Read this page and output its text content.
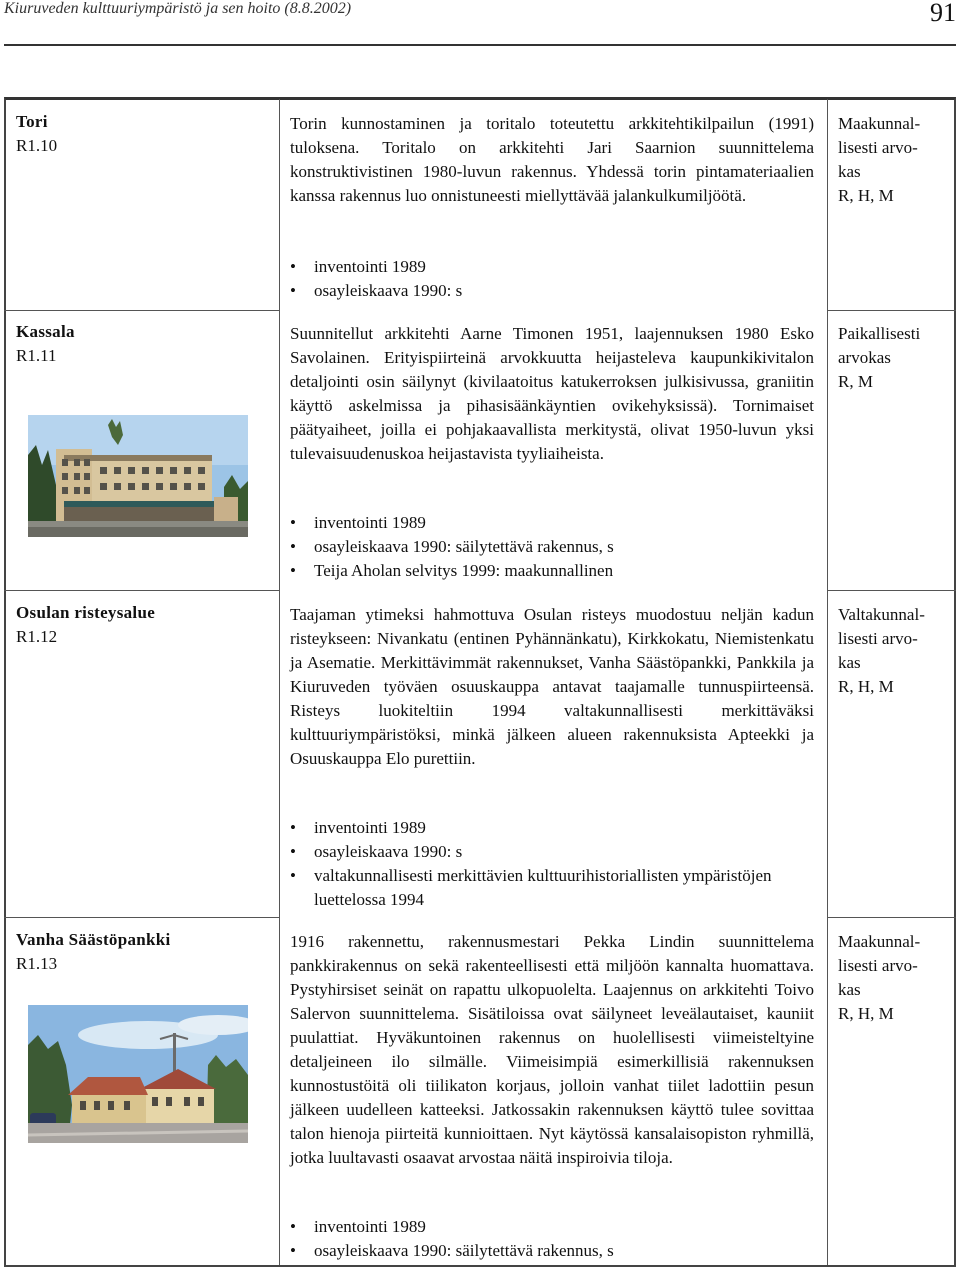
Kiuruveden kulttuuriympäristö ja sen hoito (8.8.2002)	91
Tori
R1.10
Torin kunnostaminen ja toritalo toteutettu arkkitehtikilpailun (1991) tuloksena. Toritalo on arkkitehti Jari Saarnion suunnittelema konstruktivistinen 1980-luvun rakennus. Yhdessä torin pintamateriaalien kanssa rakennus luo onnistuneesti miellyttävää jalankulkumiljöötä.
• inventointi 1989
• osayleiskaava 1990: s
Maakunnal-
lisesti arvo-
kas
R, H, M
Kassala
R1.11
Suunnitellut arkkitehti Aarne Timonen 1951, laajennuksen 1980 Esko Savolainen. Erityispiirteinä arvokkuutta heijasteleva kaupunkikivitalon detaljointi osin säilynyt (kivilaatoitus katukerroksen julkisivussa, graniitin käyttö askelmissa ja pihasisäänkäyntien ovikehyksissä). Tornimaiset päätyaiheet, joilla ei pohjakaavallista merkitystä, olivat 1950-luvun yksi tulevaisuudenuskoa heijastavista tyyliaiheista.
• inventointi 1989
• osayleiskaava 1990: säilytettävä rakennus, s
• Teija Aholan selvitys 1999: maakunnallinen
Paikallisesti
arvokas
R, M
Osulan risteysalue
R1.12
Taajaman ytimeksi hahmottuva Osulan risteys muodostuu neljän kadun risteykseen: Nivankatu (entinen Pyhännänkatu), Kirkkokatu, Niemistenkatu ja Asematie. Merkittävimmät rakennukset, Vanha Säästöpankki, Pankkila ja Kiuruveden työväen osuuskauppa antavat taajamalle tunnuspiirteensä. Risteys luokiteltiin 1994 valtakunnallisesti merkittäväksi kulttuuriympäristöksi, minkä jälkeen alueen rakennuksista Apteekki ja Osuuskauppa Elo purettiin.
• inventointi 1989
• osayleiskaava 1990: s
• valtakunnallisesti merkittävien kulttuurihistoriallisten ympäristöjen luettelossa 1994
Valtakunnal-
lisesti arvo-
kas
R, H, M
Vanha Säästöpankki
R1.13
1916 rakennettu, rakennusmestari Pekka Lindin suunnittelema pankkirakennus on sekä rakenteellisesti että miljöön kannalta huomattava. Pystyhirsiset seinät on rapattu ulkopuolelta. Laajennus on arkkitehti Toivo Salervon suunnittelema. Sisätiloissa ovat säilyneet leveälautaiset, kauniit puulattiat. Hyväkuntoinen rakennus on huolellisesti viimeisteltyine detaljeineen ilo silmälle. Viimeisimpiä esimerkillisiä rakennuksen kunnostustöitä oli tiilikaton korjaus, jolloin vanhat tiilet ladottiin pesun jälkeen uudelleen katteeksi. Jatkossakin rakennuksen käyttö tulee sovittaa talon hienoja piirteitä kunnioittaen. Nyt käytössä kansalaisopiston ryhmillä, jotka luultavasti osaavat arvostaa näitä inspiroivia tiloja.
• inventointi 1989
• osayleiskaava 1990: säilytettävä rakennus, s
Maakunnal-
lisesti arvo-
kas
R, H, M
